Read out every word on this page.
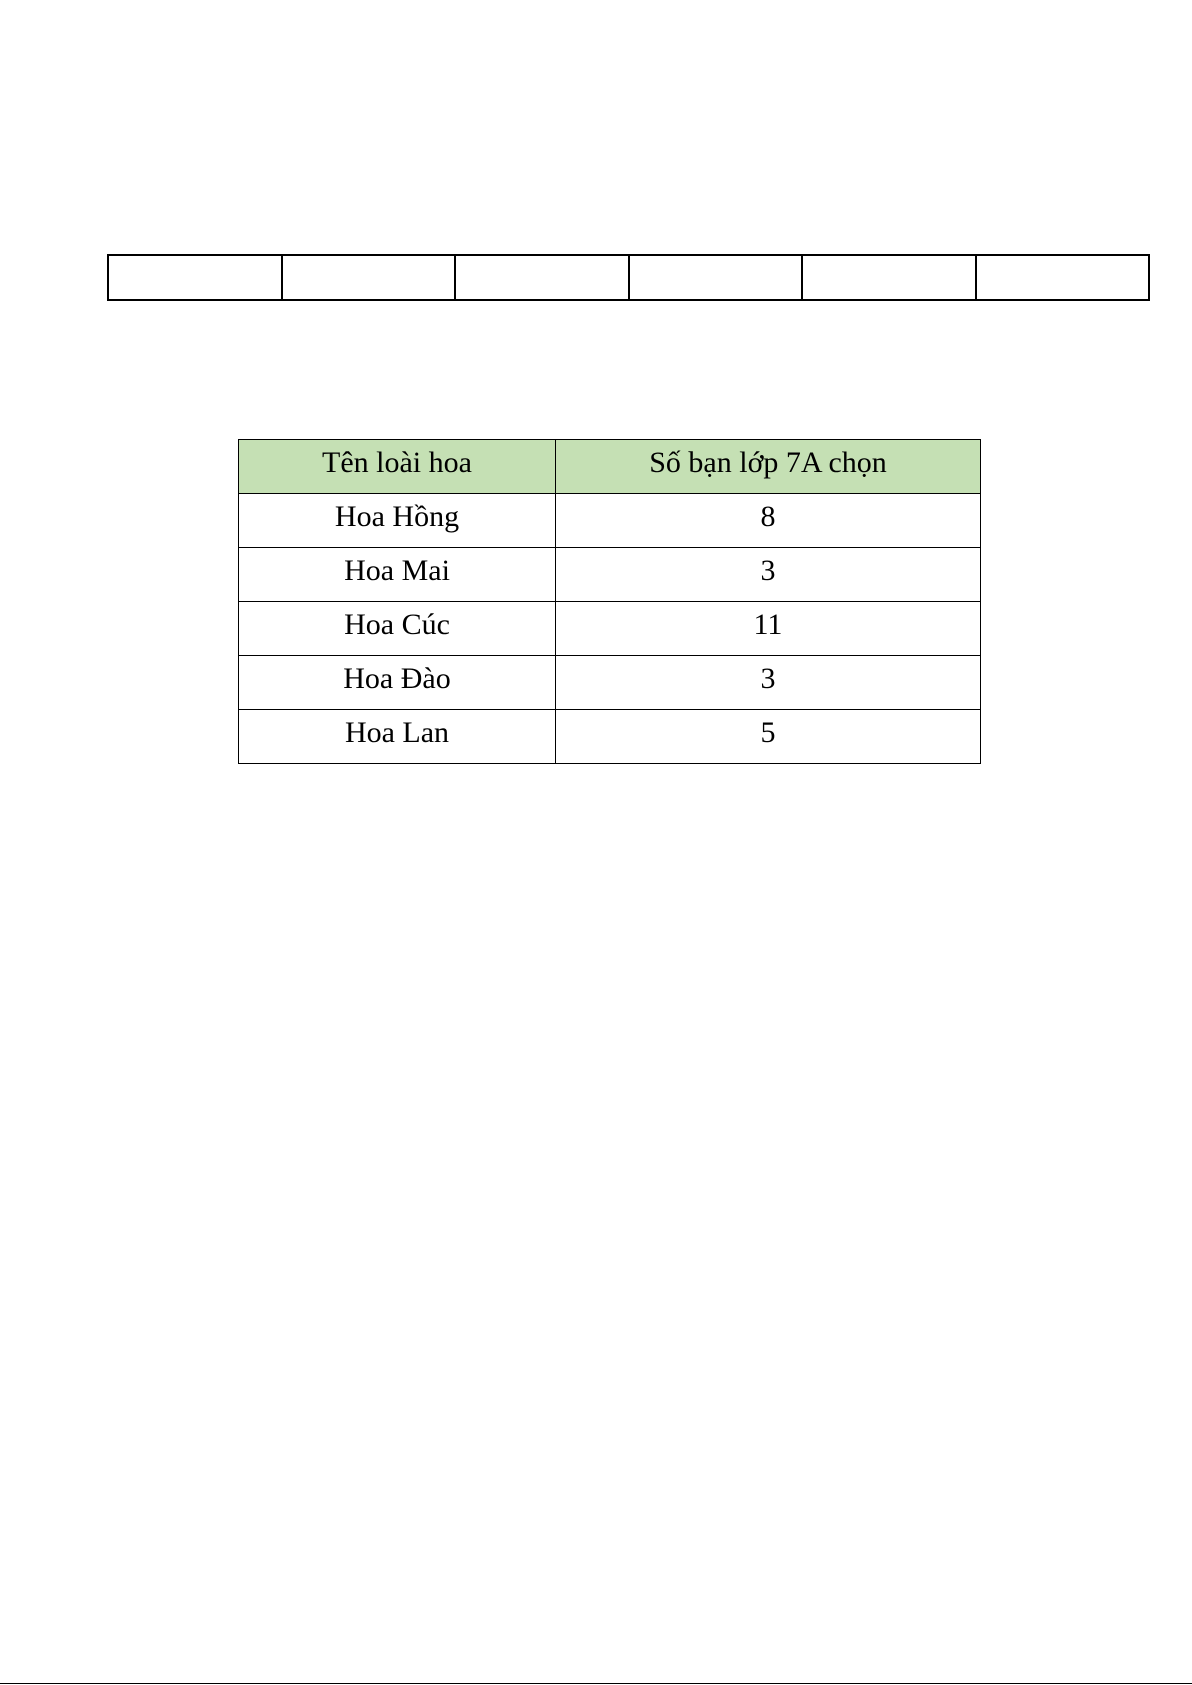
Tên loài hoa	Số bạn lớp 7A chọn
Hoa Hồng	8
Hoa Mai	3
Hoa Cúc	11
Hoa Đào	3
Hoa Lan	5
